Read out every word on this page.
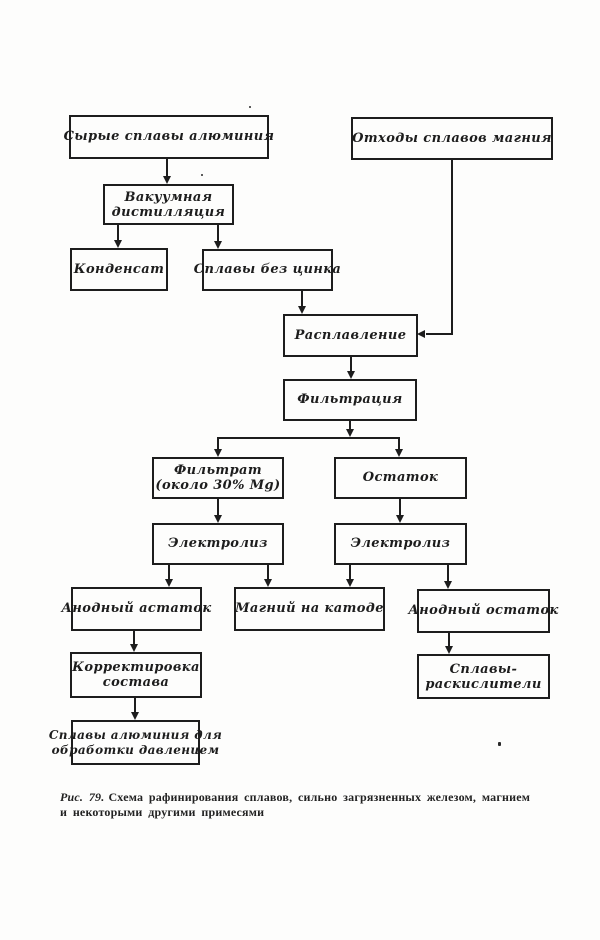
Сырые сплавы алюминия	Отходы сплавов магния
Вакуумная
дистилляция
Конденсат Сплавы без цинка
Расплавление
Фильтрация
Фильтрат
(около 30% Mg)
Остаток
Электролиз	Электролиз
Анодный астаток Магний на катоде Анодный остаток
Корректировка
состава
Сплавы алюминия для
обработки давлением
Сплавы-
раскислители
Рис. 79. Схема рафинирования сплавов, сильно загрязненных железом, магнием
и некоторыми другими примесями
